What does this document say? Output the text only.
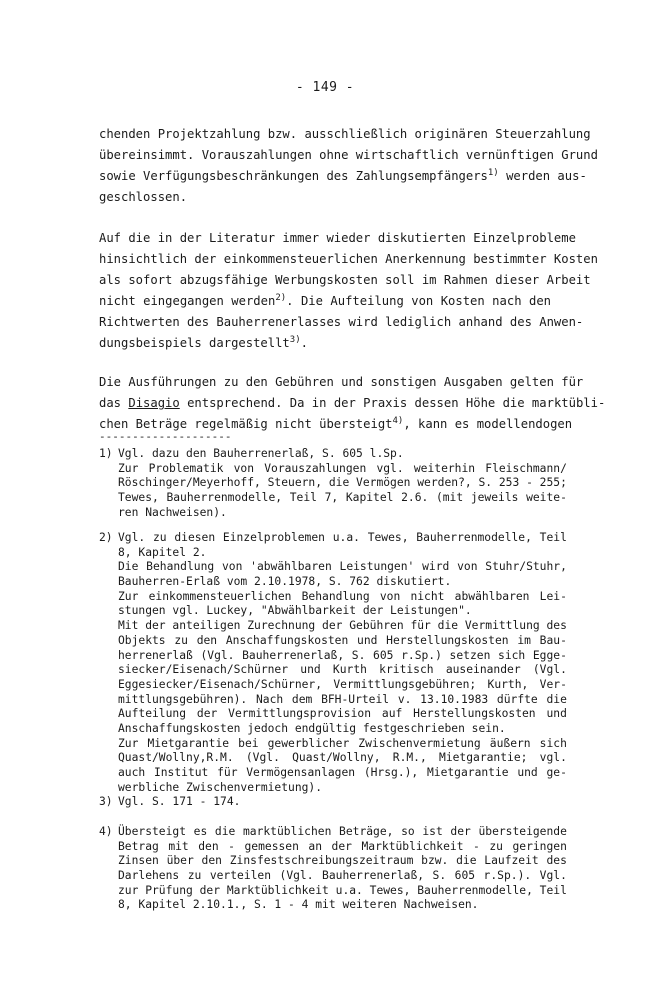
- 149 -
chenden Projektzahlung bzw. ausschließlich originären Steuerzahlung
übereinsimmt. Vorauszahlungen ohne wirtschaftlich vernünftigen Grund
sowie Verfügungsbeschränkungen des Zahlungsempfängers$^{1)}$ werden aus-
geschlossen.
Auf die in der Literatur immer wieder diskutierten Einzelprobleme
hinsichtlich der einkommensteuerlichen Anerkennung bestimmter Kosten
als sofort abzugsfähige Werbungskosten soll im Rahmen dieser Arbeit
nicht eingegangen werden$^{2)}$. Die Aufteilung von Kosten nach den
Richtwerten des Bauherrenerlasses wird lediglich anhand des Anwen-
dungsbeispiels dargestellt$^{3)}$.
Die Ausführungen zu den Gebühren und sonstigen Ausgaben gelten für
das Disagio entsprechend. Da in der Praxis dessen Höhe die marktübli-
chen Beträge regelmäßig nicht übersteigt$^{4)}$, kann es modellendogen
--------------------
1) Vgl. dazu den Bauherrenerlaß, S. 605 l.Sp.
Zur Problematik von Vorauszahlungen vgl. weiterhin Fleischmann/
Röschinger/Meyerhoff, Steuern, die Vermögen werden?, S. 253 - 255;
Tewes, Bauherrenmodelle, Teil 7, Kapitel 2.6. (mit jeweils weite-
ren Nachweisen).
2) Vgl. zu diesen Einzelproblemen u.a. Tewes, Bauherrenmodelle, Teil
8, Kapitel 2.
Die Behandlung von 'abwählbaren Leistungen' wird von Stuhr/Stuhr,
Bauherren-Erlaß vom 2.10.1978, S. 762 diskutiert.
Zur einkommensteuerlichen Behandlung von nicht abwählbaren Lei-
stungen vgl. Luckey, "Abwählbarkeit der Leistungen".
Mit der anteiligen Zurechnung der Gebühren für die Vermittlung des
Objekts zu den Anschaffungskosten und Herstellungskosten im Bau-
herrenerlaß (Vgl. Bauherrenerlaß, S. 605 r.Sp.) setzen sich Egge-
siecker/Eisenach/Schürner und Kurth kritisch auseinander (Vgl.
Eggesiecker/Eisenach/Schürner, Vermittlungsgebühren; Kurth, Ver-
mittlungsgebühren). Nach dem BFH-Urteil v. 13.10.1983 dürfte die
Aufteilung der Vermittlungsprovision auf Herstellungskosten und
Anschaffungskosten jedoch endgültig festgeschrieben sein.
Zur Mietgarantie bei gewerblicher Zwischenvermietung äußern sich
Quast/Wollny,R.M. (Vgl. Quast/Wollny, R.M., Mietgarantie; vgl.
auch Institut für Vermögensanlagen (Hrsg.), Mietgarantie und ge-
werbliche Zwischenvermietung).
3) Vgl. S. 171 - 174.
4) Übersteigt es die marktüblichen Beträge, so ist der übersteigende
Betrag mit den - gemessen an der Marktüblichkeit - zu geringen
Zinsen über den Zinsfestschreibungszeitraum bzw. die Laufzeit des
Darlehens zu verteilen (Vgl. Bauherrenerlaß, S. 605 r.Sp.). Vgl.
zur Prüfung der Marktüblichkeit u.a. Tewes, Bauherrenmodelle, Teil
8, Kapitel 2.10.1., S. 1 - 4 mit weiteren Nachweisen.
